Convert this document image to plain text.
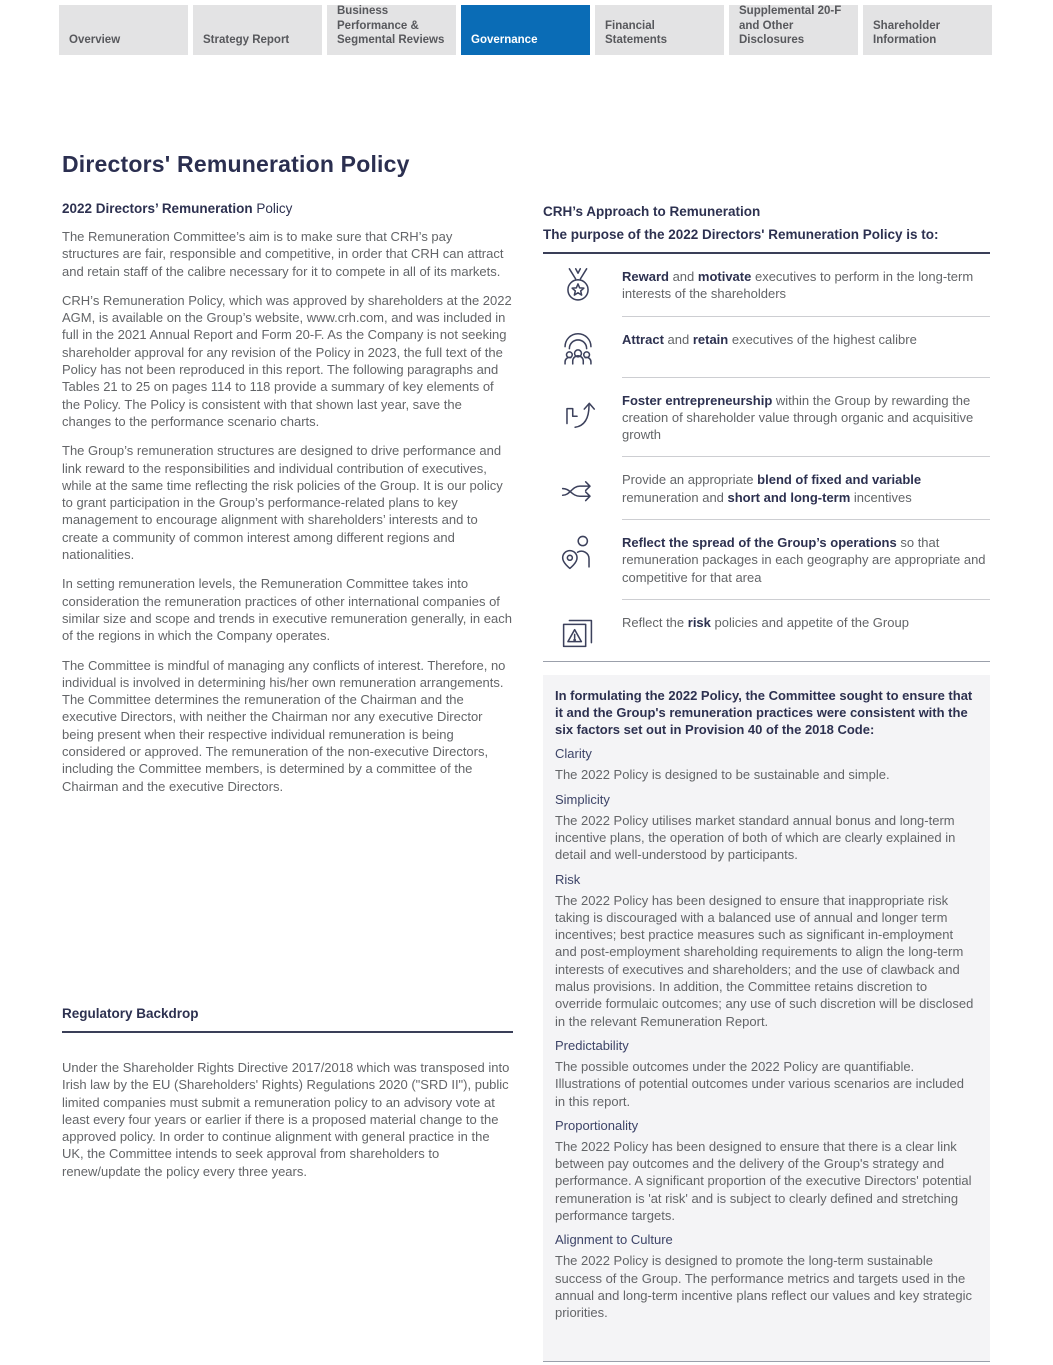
Overview	Strategy Report
Business Performance & Segmental Reviews	Governance
Financial Statements
Supplemental 20-F and Other Disclosures
Shareholder Information
Directors' Remuneration Policy
2022 Directors’ Remuneration Policy

The Remuneration Committee’s aim is to make sure that CRH’s pay structures are fair, responsible and competitive, in order that CRH can attract and retain staff of the calibre necessary for it to compete in all of its markets.

CRH’s Remuneration Policy, which was approved by shareholders at the 2022 AGM, is available on the Group’s website, www.crh.com, and was included in full in the 2021 Annual Report and Form 20-F. As the Company is not seeking shareholder approval for any revision of the Policy in 2023, the full text of the Policy has not been reproduced in this report. The following paragraphs and Tables 21 to 25 on pages 114 to 118 provide a summary of key elements of the Policy. The Policy is consistent with that shown last year, save the changes to the performance scenario charts.

The Group’s remuneration structures are designed to drive performance and link reward to the responsibilities and individual contribution of executives, while at the same time reflecting the risk policies of the Group. It is our policy to grant participation in the Group’s performance-related plans to key management to encourage alignment with shareholders’ interests and to create a community of common interest among different regions and nationalities.

In setting remuneration levels, the Remuneration Committee takes into consideration the remuneration practices of other international companies of similar size and scope and trends in executive remuneration generally, in each of the regions in which the Company operates.

The Committee is mindful of managing any conflicts of interest. Therefore, no individual is involved in determining his/her own remuneration arrangements. The Committee determines the remuneration of the Chairman and the executive Directors, with neither the Chairman nor any executive Director being present when their respective individual remuneration is being considered or approved. The remuneration of the non-executive Directors, including the Committee members, is determined by a committee of the Chairman and the executive Directors.

Regulatory Backdrop

Under the Shareholder Rights Directive 2017/2018 which was transposed into Irish law by the EU (Shareholders' Rights) Regulations 2020 ("SRD II"), public limited companies must submit a remuneration policy to an advisory vote at least every four years or earlier if there is a proposed material change to the approved policy. In order to continue alignment with general practice in the UK, the Committee intends to seek approval from shareholders to renew/update the policy every three years.

CRH’s Approach to Remuneration
The purpose of the 2022 Directors' Remuneration Policy is to:
Reward and motivate executives to perform in the long-term interests of the shareholders
Attract and retain executives of the highest calibre
Foster entrepreneurship within the Group by rewarding the creation of shareholder value through organic and acquisitive growth
Provide an appropriate blend of fixed and variable remuneration and short and long-term incentives
Reflect the spread of the Group’s operations so that remuneration packages in each geography are appropriate and competitive for that area
Reflect the risk policies and appetite of the Group

In formulating the 2022 Policy, the Committee sought to ensure that it and the Group's remuneration practices were consistent with the six factors set out in Provision 40 of the 2018 Code:

Clarity

The 2022 Policy is designed to be sustainable and simple.

Simplicity

The 2022 Policy utilises market standard annual bonus and long-term incentive plans, the operation of both of which are clearly explained in detail and well-understood by participants.

Risk

The 2022 Policy has been designed to ensure that inappropriate risk taking is discouraged with a balanced use of annual and longer term incentives; best practice measures such as significant in-employment and post-employment shareholding requirements to align the long-term interests of executives and shareholders; and the use of clawback and malus provisions. In addition, the Committee retains discretion to override formulaic outcomes; any use of such discretion will be disclosed in the relevant Remuneration Report.

Predictability

The possible outcomes under the 2022 Policy are quantifiable. Illustrations of potential outcomes under various scenarios are included in this report.

Proportionality

The 2022 Policy has been designed to ensure that there is a clear link between pay outcomes and the delivery of the Group's strategy and performance. A significant proportion of the executive Directors' potential remuneration is 'at risk' and is subject to clearly defined and stretching performance targets.

Alignment to Culture

The 2022 Policy is designed to promote the long-term sustainable success of the Group. The performance metrics and targets used in the annual and long-term incentive plans reflect our values and key strategic priorities.
